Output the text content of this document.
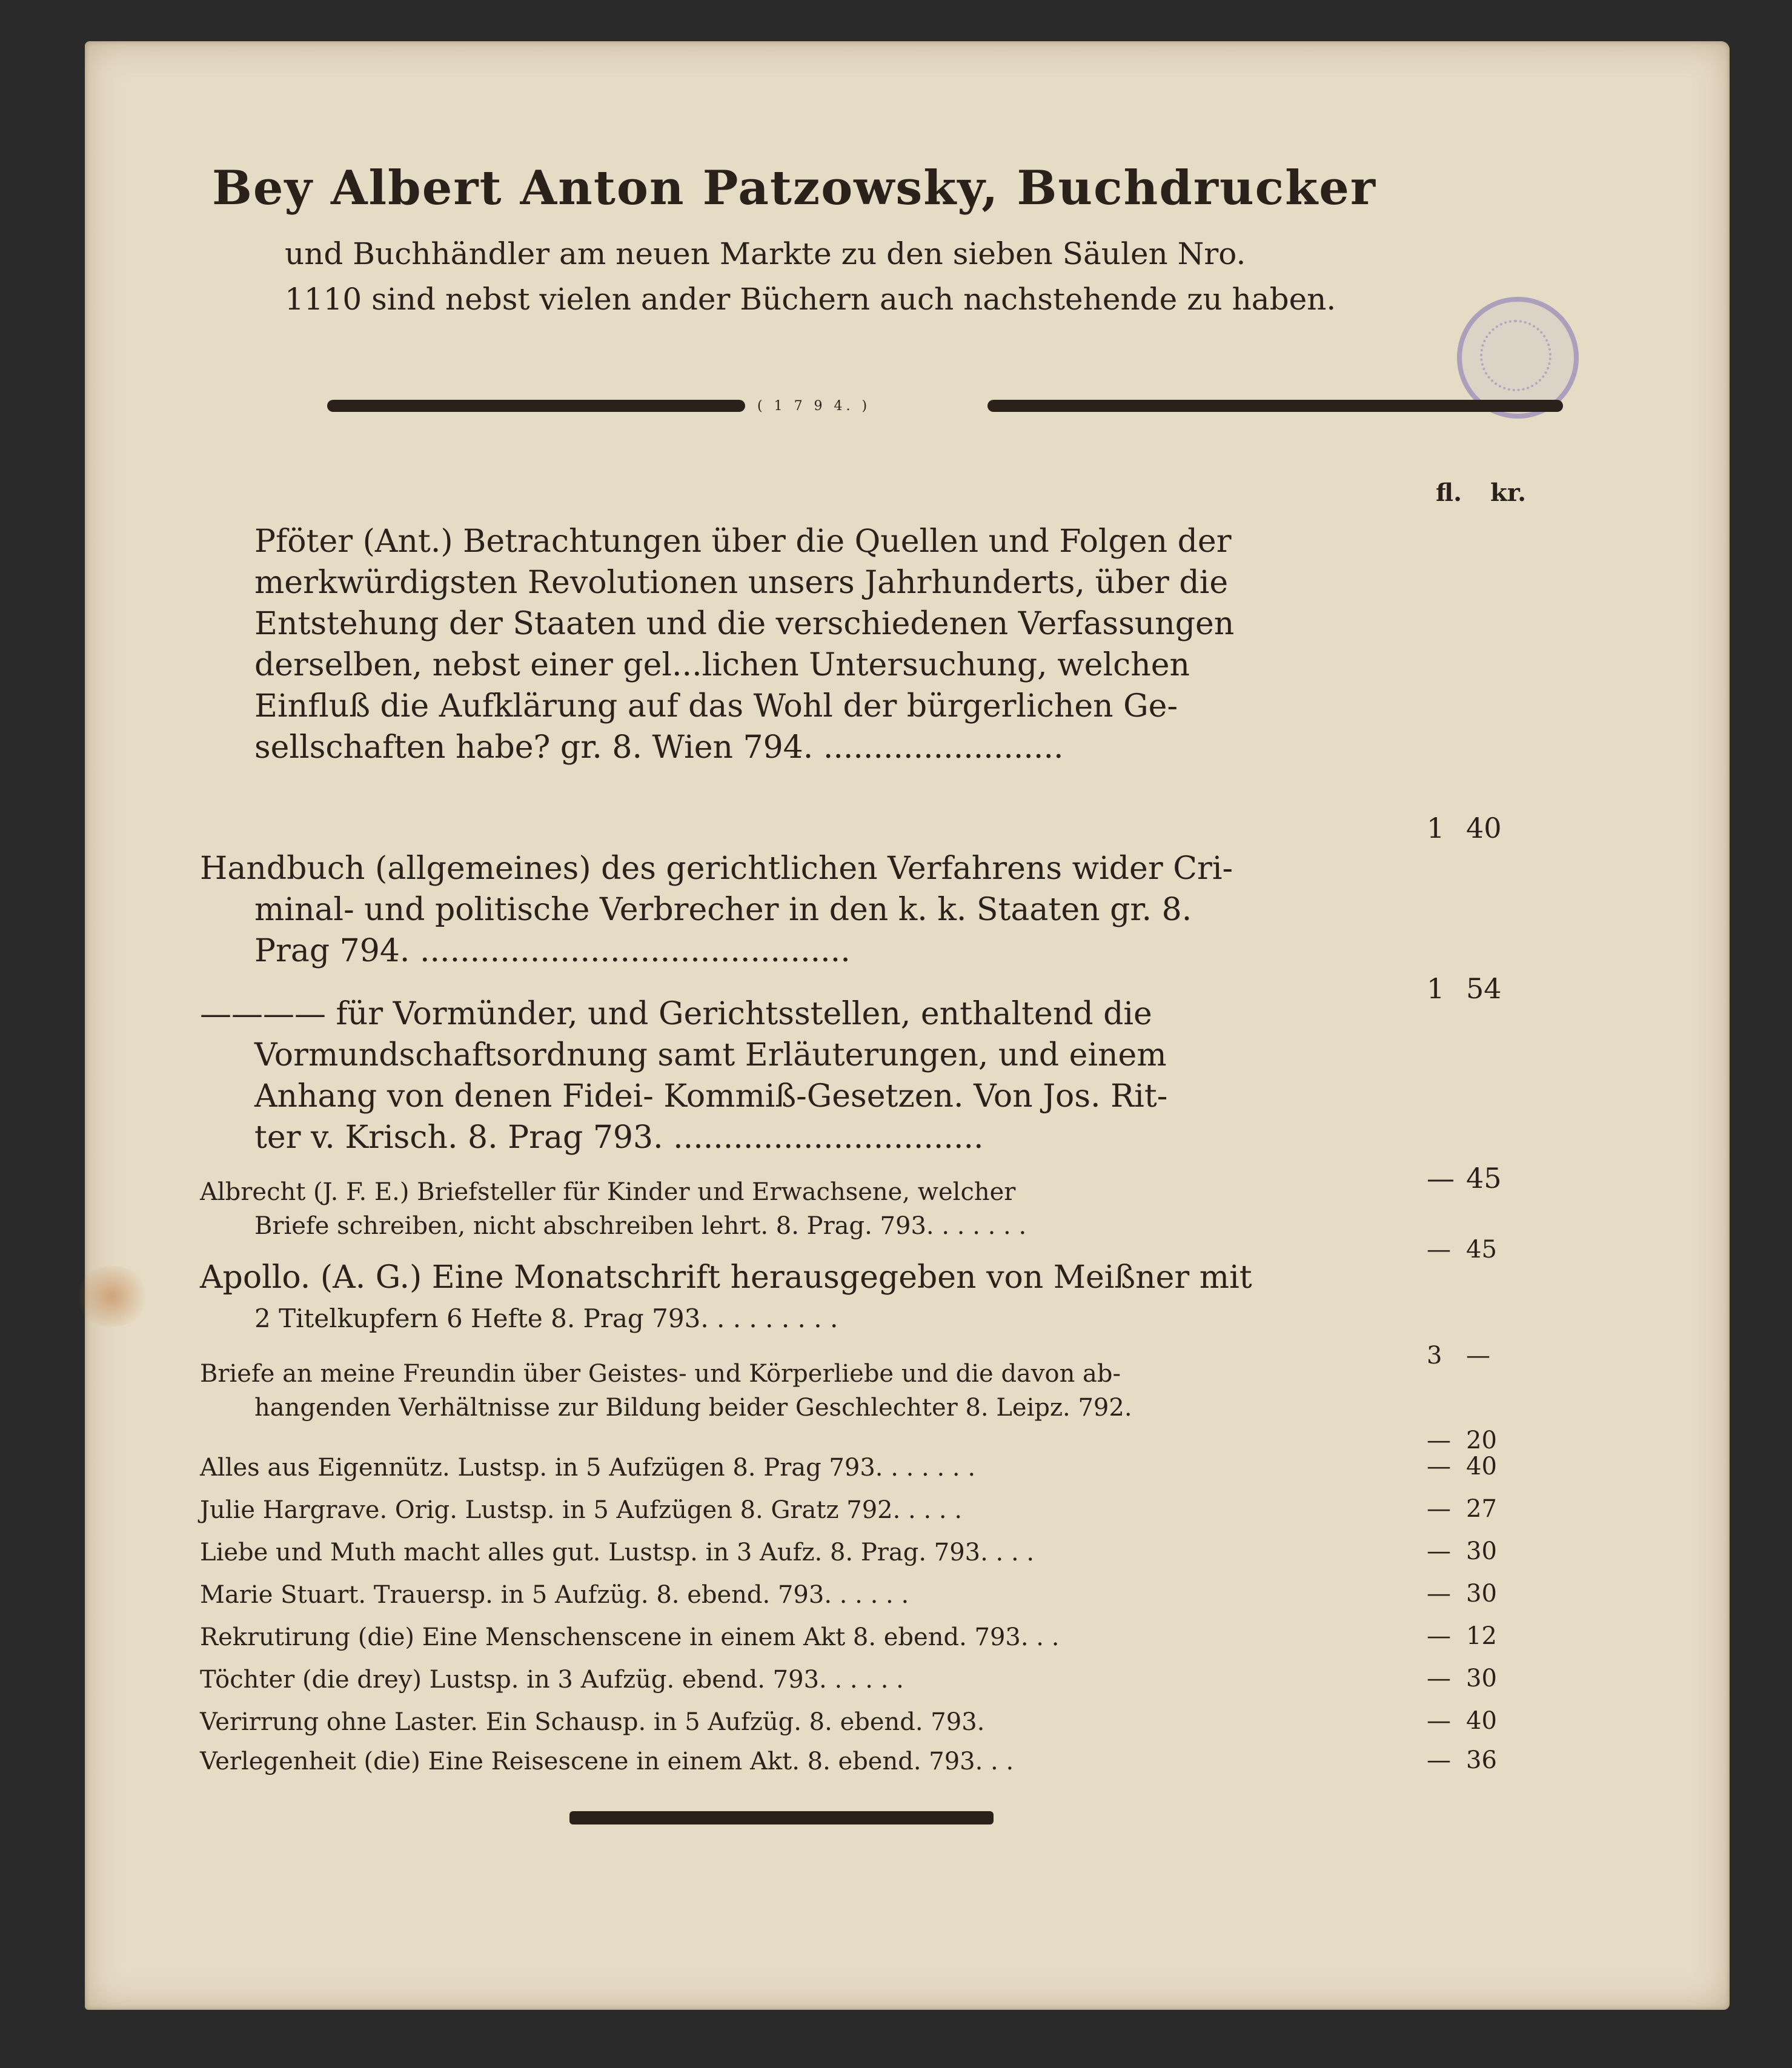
Bey Albert Anton Patzowsky, Buchdrucker
und Buchhändler am neuen Markte zu den sieben Säulen Nro.
1110 sind nebst vielen ander Büchern auch nachstehende zu haben.
( 1 7 9 4. )
fl. kr.
Pföter (Ant.) Betrachtungen über die Quellen und Folgen der
merkwürdigsten Revolutionen unsers Jahrhunderts, über die
Entstehung der Staaten und die verschiedenen Verfassungen
derselben, nebst einer gel...lichen Untersuchung, welchen
Einfluß die Aufklärung auf das Wohl der bürgerlichen Ge-
sellschaften habe? gr. 8. Wien 794. ........................
1 40
Handbuch (allgemeines) des gerichtlichen Verfahrens wider Cri-
minal- und politische Verbrecher in den k. k. Staaten gr. 8.
Prag 794. ...........................................
1 54
———— für Vormünder, und Gerichtsstellen, enthaltend die
Vormundschaftsordnung samt Erläuterungen, und einem
Anhang von denen Fidei- Kommiß-Gesetzen. Von Jos. Rit-
ter v. Krisch. 8. Prag 793. ...............................
— 45
Albrecht (J. F. E.) Briefsteller für Kinder und Erwachsene, welcher
Briefe schreiben, nicht abschreiben lehrt. 8. Prag. 793. . . . . . .
— 45
Apollo. (A. G.) Eine Monatschrift herausgegeben von Meißner mit
2 Titelkupfern 6 Hefte 8. Prag 793. . . . . . . . .
3 —
Briefe an meine Freundin über Geistes- und Körperliebe und die davon ab-
hangenden Verhältnisse zur Bildung beider Geschlechter 8. Leipz. 792.
— 20
Alles aus Eigennütz. Lustsp. in 5 Aufzügen 8. Prag 793. . . . . . .	— 40
Julie Hargrave. Orig. Lustsp. in 5 Aufzügen 8. Gratz 792. . . . .	— 27
Liebe und Muth macht alles gut. Lustsp. in 3 Aufz. 8. Prag. 793. . . .	— 30
Marie Stuart. Trauersp. in 5 Aufzüg. 8. ebend. 793. . . . . .	— 30
Rekrutirung (die) Eine Menschenscene in einem Akt 8. ebend. 793. . .	— 12
Töchter (die drey) Lustsp. in 3 Aufzüg. ebend. 793. . . . . .	— 30
Verirrung ohne Laster. Ein Schausp. in 5 Aufzüg. 8. ebend. 793.	— 40
Verlegenheit (die) Eine Reisescene in einem Akt. 8. ebend. 793. . .	— 36
